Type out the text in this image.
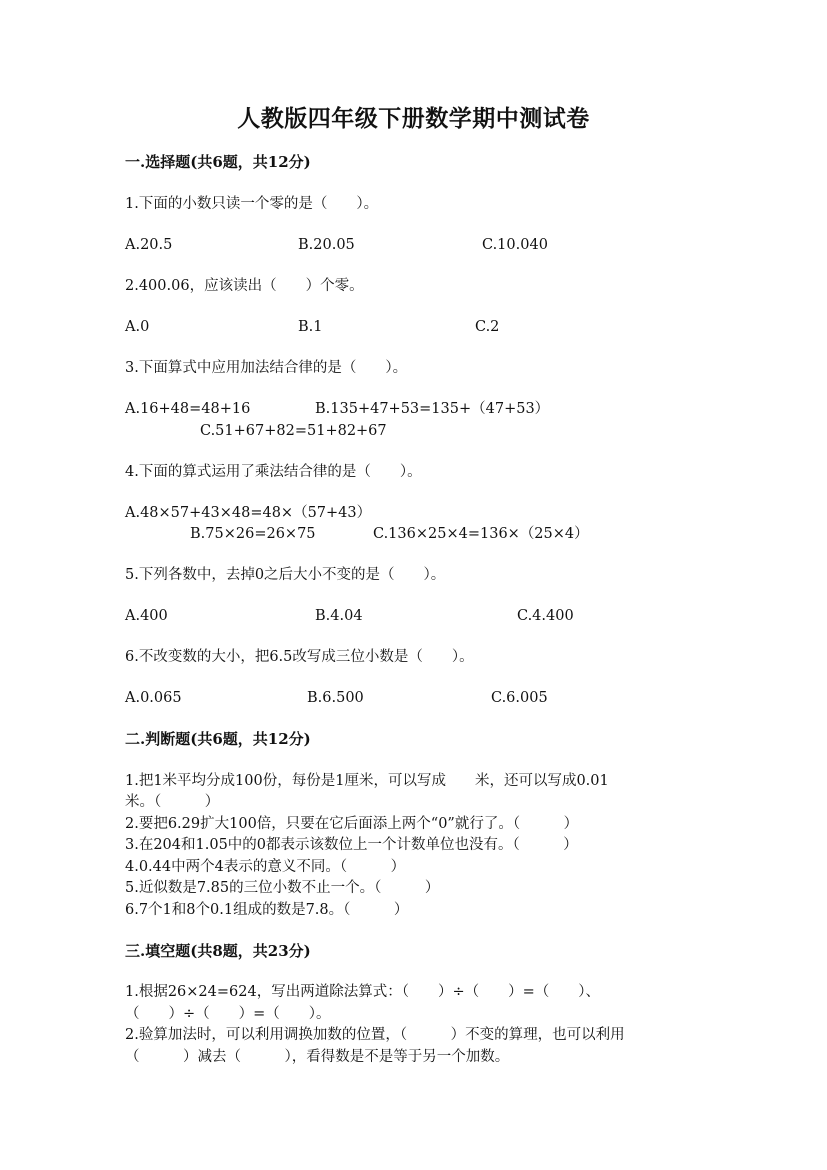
人教版四年级下册数学期中测试卷
一.选择题(共6题，共12分)
1.下面的小数只读一个零的是（　　）。
A.20.5	B.20.05	C.10.040
2.400.06，应该读出（　　）个零。
A.0	B.1	C.2
3.下面算式中应用加法结合律的是（　　）。
A.16+48=48+16	B.135+47+53=135+（47+53）
C.51+67+82=51+82+67
4.下面的算式运用了乘法结合律的是（　　）。
A.48×57+43×48=48×（57+43）
B.75×26=26×75	C.136×25×4=136×（25×4）
5.下列各数中，去掉0之后大小不变的是（　　）。
A.400	B.4.04	C.4.400
6.不改变数的大小，把6.5改写成三位小数是（　　）。
A.0.065	B.6.500	C.6.005
二.判断题(共6题，共12分)
1.把1米平均分成100份，每份是1厘米，可以写成　　米，还可以写成0.01
米。（　　　）
2.要把6.29扩大100倍，只要在它后面添上两个“0”就行了。（　　　）
3.在204和1.05中的0都表示该数位上一个计数单位也没有。（　　　）
4.0.44中两个4表示的意义不同。（　　　）
5.近似数是7.85的三位小数不止一个。（　　　）
6.7个1和8个0.1组成的数是7.8。（　　　）
三.填空题(共8题，共23分)
1.根据26×24=624，写出两道除法算式：（　　）÷（　　）=（　　）、
（　　）÷（　　）=（　　）。
2.验算加法时，可以利用调换加数的位置，（　　　）不变的算理，也可以利用
（　　　）减去（　　　），看得数是不是等于另一个加数。
